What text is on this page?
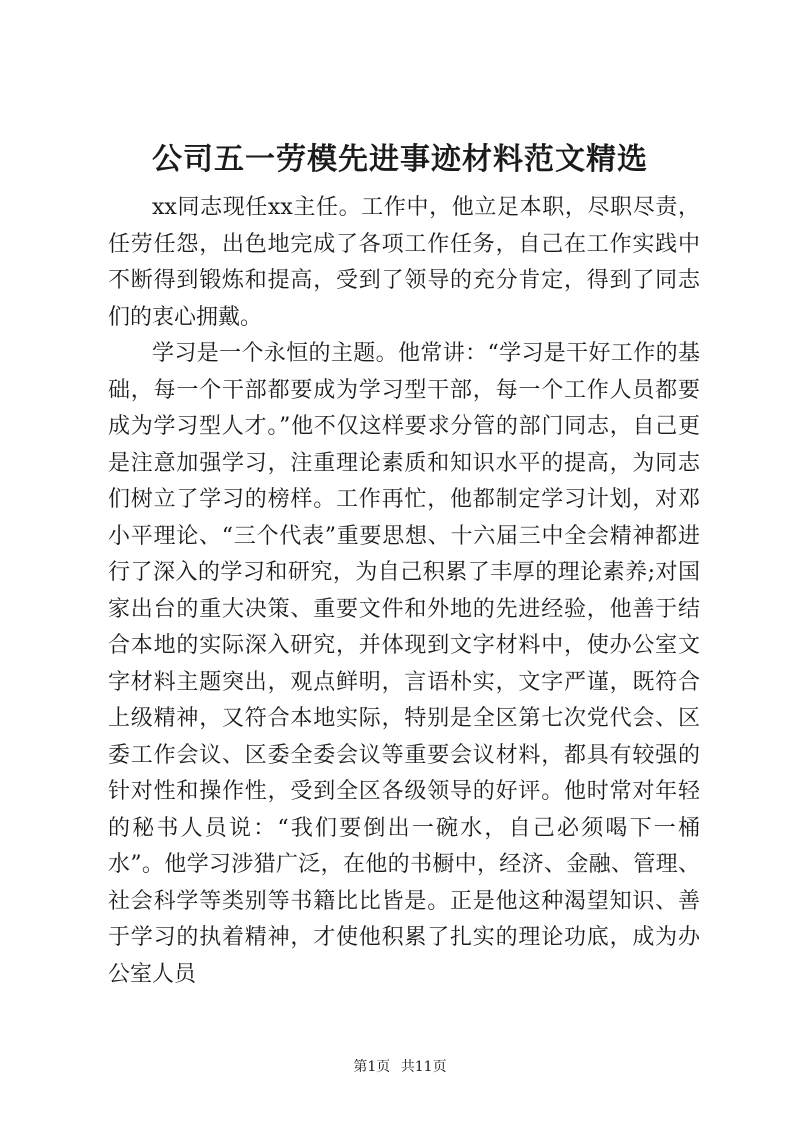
公司五一劳模先进事迹材料范文精选

xx同志现任xx主任。工作中，他立足本职，尽职尽责，任劳任怨，出色地完成了各项工作任务，自己在工作实践中不断得到锻炼和提高，受到了领导的充分肯定，得到了同志们的衷心拥戴。

学习是一个永恒的主题。他常讲：“学习是干好工作的基础，每一个干部都要成为学习型干部，每一个工作人员都要成为学习型人才。”他不仅这样要求分管的部门同志，自己更是注意加强学习，注重理论素质和知识水平的提高，为同志们树立了学习的榜样。工作再忙，他都制定学习计划，对邓小平理论、“三个代表”重要思想、十六届三中全会精神都进行了深入的学习和研究，为自己积累了丰厚的理论素养;对国家出台的重大决策、重要文件和外地的先进经验，他善于结合本地的实际深入研究，并体现到文字材料中，使办公室文字材料主题突出，观点鲜明，言语朴实，文字严谨，既符合上级精神，又符合本地实际，特别是全区第七次党代会、区委工作会议、区委全委会议等重要会议材料，都具有较强的针对性和操作性，受到全区各级领导的好评。他时常对年轻的秘书人员说：“我们要倒出一碗水，自己必须喝下一桶水”。他学习涉猎广泛，在他的书橱中，经济、金融、管理、社会科学等类别等书籍比比皆是。正是他这种渴望知识、善于学习的执着精神，才使他积累了扎实的理论功底，成为办公室人员

第1页 共11页
